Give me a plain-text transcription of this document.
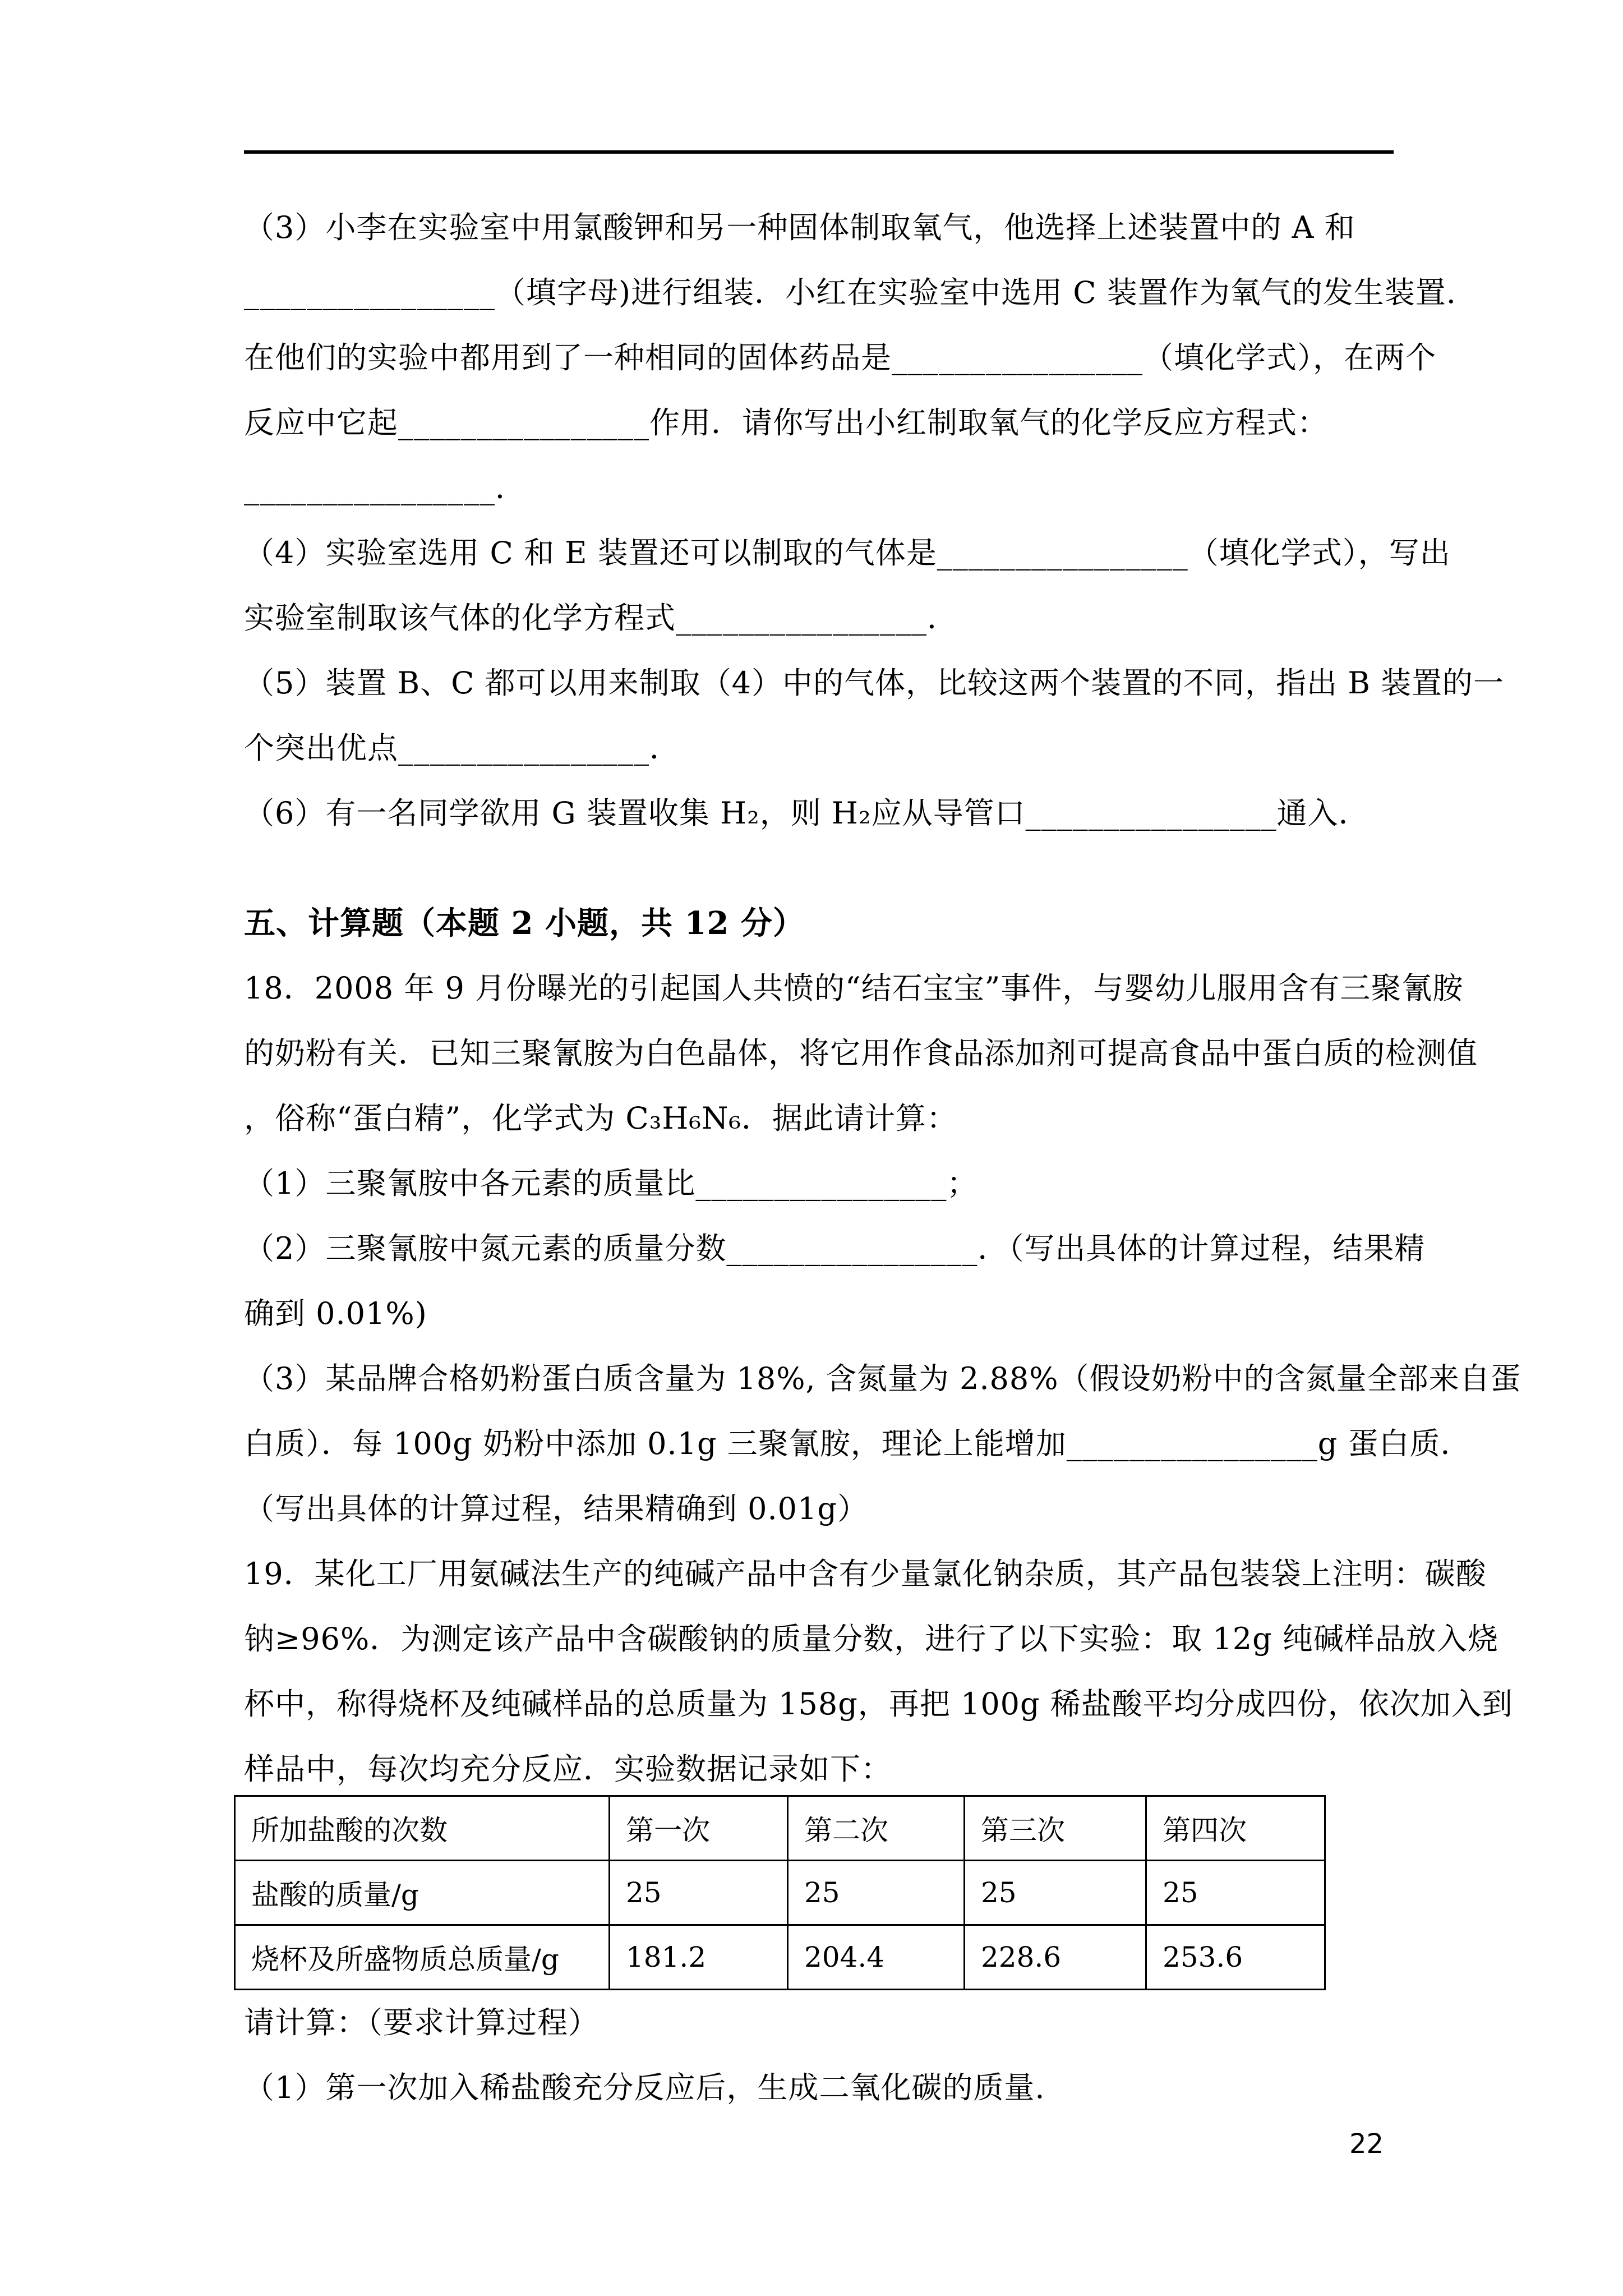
（3）小李在实验室中用氯酸钾和另一种固体制取氧气，他选择上述装置中的 A 和
________________（填字母)进行组装．小红在实验室中选用 C 装置作为氧气的发生装置.
在他们的实验中都用到了一种相同的固体药品是________________（填化学式），在两个
反应中它起________________作用．请你写出小红制取氧气的化学反应方程式：
________________．
（4）实验室选用 C 和 E 装置还可以制取的气体是________________（填化学式），写出
实验室制取该气体的化学方程式________________．
（5）装置 B、C 都可以用来制取（4）中的气体，比较这两个装置的不同，指出 B 装置的一
个突出优点________________．
（6）有一名同学欲用 G 装置收集 H₂，则 H₂应从导管口________________通入．
五、计算题（本题 2 小题，共 12 分）
18．2008 年 9 月份曝光的引起国人共愤的“结石宝宝”事件，与婴幼儿服用含有三聚氰胺
的奶粉有关．已知三聚氰胺为白色晶体，将它用作食品添加剂可提高食品中蛋白质的检测值
，俗称“蛋白精”，化学式为 C₃H₆N₆．据此请计算：
（1）三聚氰胺中各元素的质量比________________；
（2）三聚氰胺中氮元素的质量分数________________．（写出具体的计算过程，结果精
确到 0.01%)
（3）某品牌合格奶粉蛋白质含量为 18%, 含氮量为 2.88%（假设奶粉中的含氮量全部来自蛋
白质）．每 100g 奶粉中添加 0.1g 三聚氰胺，理论上能增加________________g 蛋白质．
（写出具体的计算过程，结果精确到 0.01g）
19．某化工厂用氨碱法生产的纯碱产品中含有少量氯化钠杂质，其产品包装袋上注明：碳酸
钠≥96%．为测定该产品中含碳酸钠的质量分数，进行了以下实验：取 12g 纯碱样品放入烧
杯中，称得烧杯及纯碱样品的总质量为 158g，再把 100g 稀盐酸平均分成四份，依次加入到
样品中，每次均充分反应．实验数据记录如下：
所加盐酸的次数	第一次	第二次	第三次	第四次
盐酸的质量/g	25	25	25	25
烧杯及所盛物质总质量/g	181.2	204.4	228.6	253.6
请计算：（要求计算过程）
（1）第一次加入稀盐酸充分反应后，生成二氧化碳的质量.
22
